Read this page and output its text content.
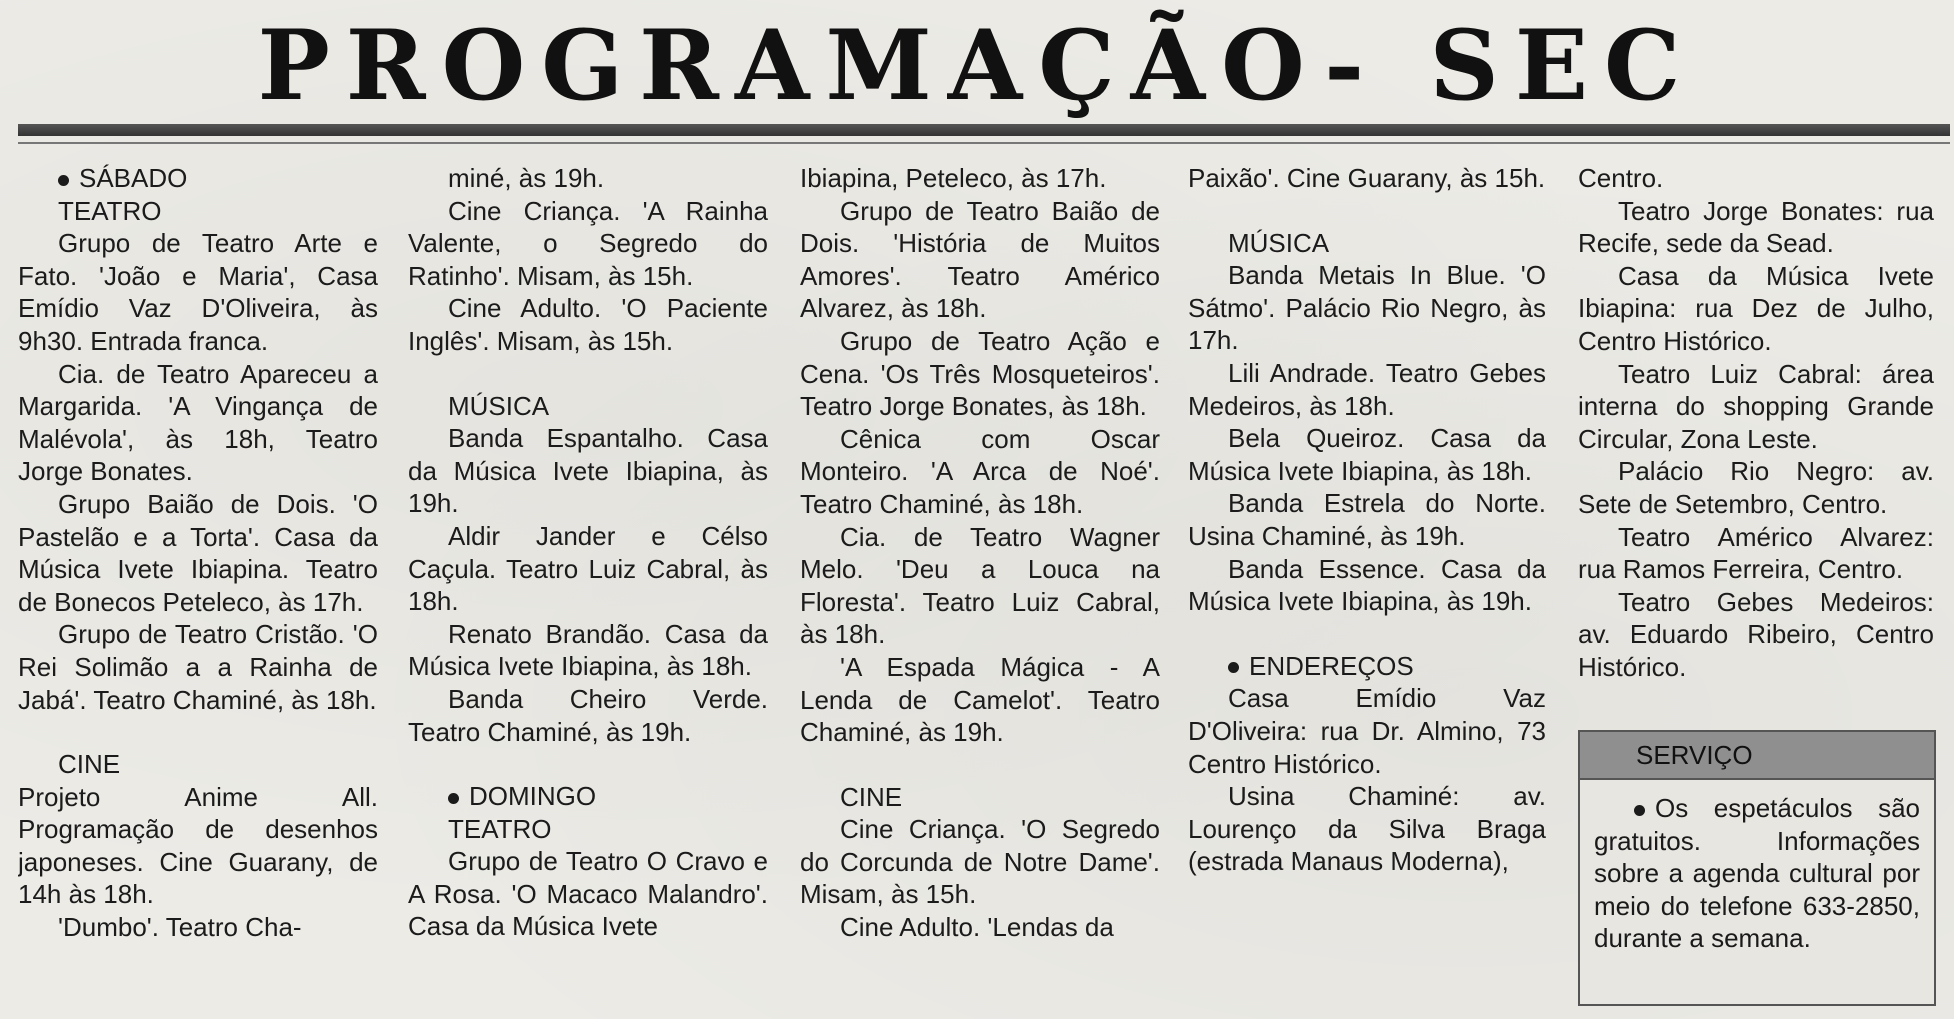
PROGRAMAÇÃO- SEC

SÁBADO

TEATRO

Grupo de Teatro Arte e Fato. 'João e Maria', Casa Emídio Vaz D'Oliveira, às 9h30. Entrada franca.

Cia. de Teatro Apareceu a Margarida. 'A Vingança de Malévola', às 18h, Teatro Jorge Bonates.

Grupo Baião de Dois. 'O Pastelão e a Torta'. Casa da Música Ivete Ibiapina. Teatro de Bonecos Peteleco, às 17h.

Grupo de Teatro Cristão. 'O Rei Solimão a a Rainha de Jabá'. Teatro Chaminé, às 18h.

CINE

Projeto Anime All. Programação de desenhos japoneses. Cine Guarany, de 14h às 18h.

'Dumbo'. Teatro Cha-

miné, às 19h.

Cine Criança. 'A Rainha Valente, o Segredo do Ratinho'. Misam, às 15h.

Cine Adulto. 'O Paciente Inglês'. Misam, às 15h.

MÚSICA

Banda Espantalho. Casa da Música Ivete Ibiapina, às 19h.

Aldir Jander e Célso Caçula. Teatro Luiz Cabral, às 18h.

Renato Brandão. Casa da Música Ivete Ibiapina, às 18h.

Banda Cheiro Verde. Teatro Chaminé, às 19h.

DOMINGO

TEATRO

Grupo de Teatro O Cravo e A Rosa. 'O Macaco Malandro'. Casa da Música Ivete

Ibiapina, Peteleco, às 17h.

Grupo de Teatro Baião de Dois. 'História de Muitos Amores'. Teatro Américo Alvarez, às 18h.

Grupo de Teatro Ação e Cena. 'Os Três Mosqueteiros'. Teatro Jorge Bonates, às 18h.

Cênica com Oscar Monteiro. 'A Arca de Noé'. Teatro Chaminé, às 18h.

Cia. de Teatro Wagner Melo. 'Deu a Louca na Floresta'. Teatro Luiz Cabral, às 18h.

'A Espada Mágica - A Lenda de Camelot'. Teatro Chaminé, às 19h.

CINE

Cine Criança. 'O Segredo do Corcunda de Notre Dame'. Misam, às 15h.

Cine Adulto. 'Lendas da

Paixão'. Cine Guarany, às 15h.

MÚSICA

Banda Metais In Blue. 'O Sátmo'. Palácio Rio Negro, às 17h.

Lili Andrade. Teatro Gebes Medeiros, às 18h.

Bela Queiroz. Casa da Música Ivete Ibiapina, às 18h.

Banda Estrela do Norte. Usina Chaminé, às 19h.

Banda Essence. Casa da Música Ivete Ibiapina, às 19h.

ENDEREÇOS

Casa Emídio Vaz D'Oliveira: rua Dr. Almino, 73 Centro Histórico.

Usina Chaminé: av. Lourenço da Silva Braga (estrada Manaus Moderna),

Centro.

Teatro Jorge Bonates: rua Recife, sede da Sead.

Casa da Música Ivete Ibiapina: rua Dez de Julho, Centro Histórico.

Teatro Luiz Cabral: área interna do shopping Grande Circular, Zona Leste.

Palácio Rio Negro: av. Sete de Setembro, Centro.

Teatro Américo Alvarez: rua Ramos Ferreira, Centro.

Teatro Gebes Medeiros: av. Eduardo Ribeiro, Centro Histórico.

SERVIÇO
Os espetáculos são gratuitos. Informações sobre a agenda cultural por meio do telefone 633-2850, durante a semana.
